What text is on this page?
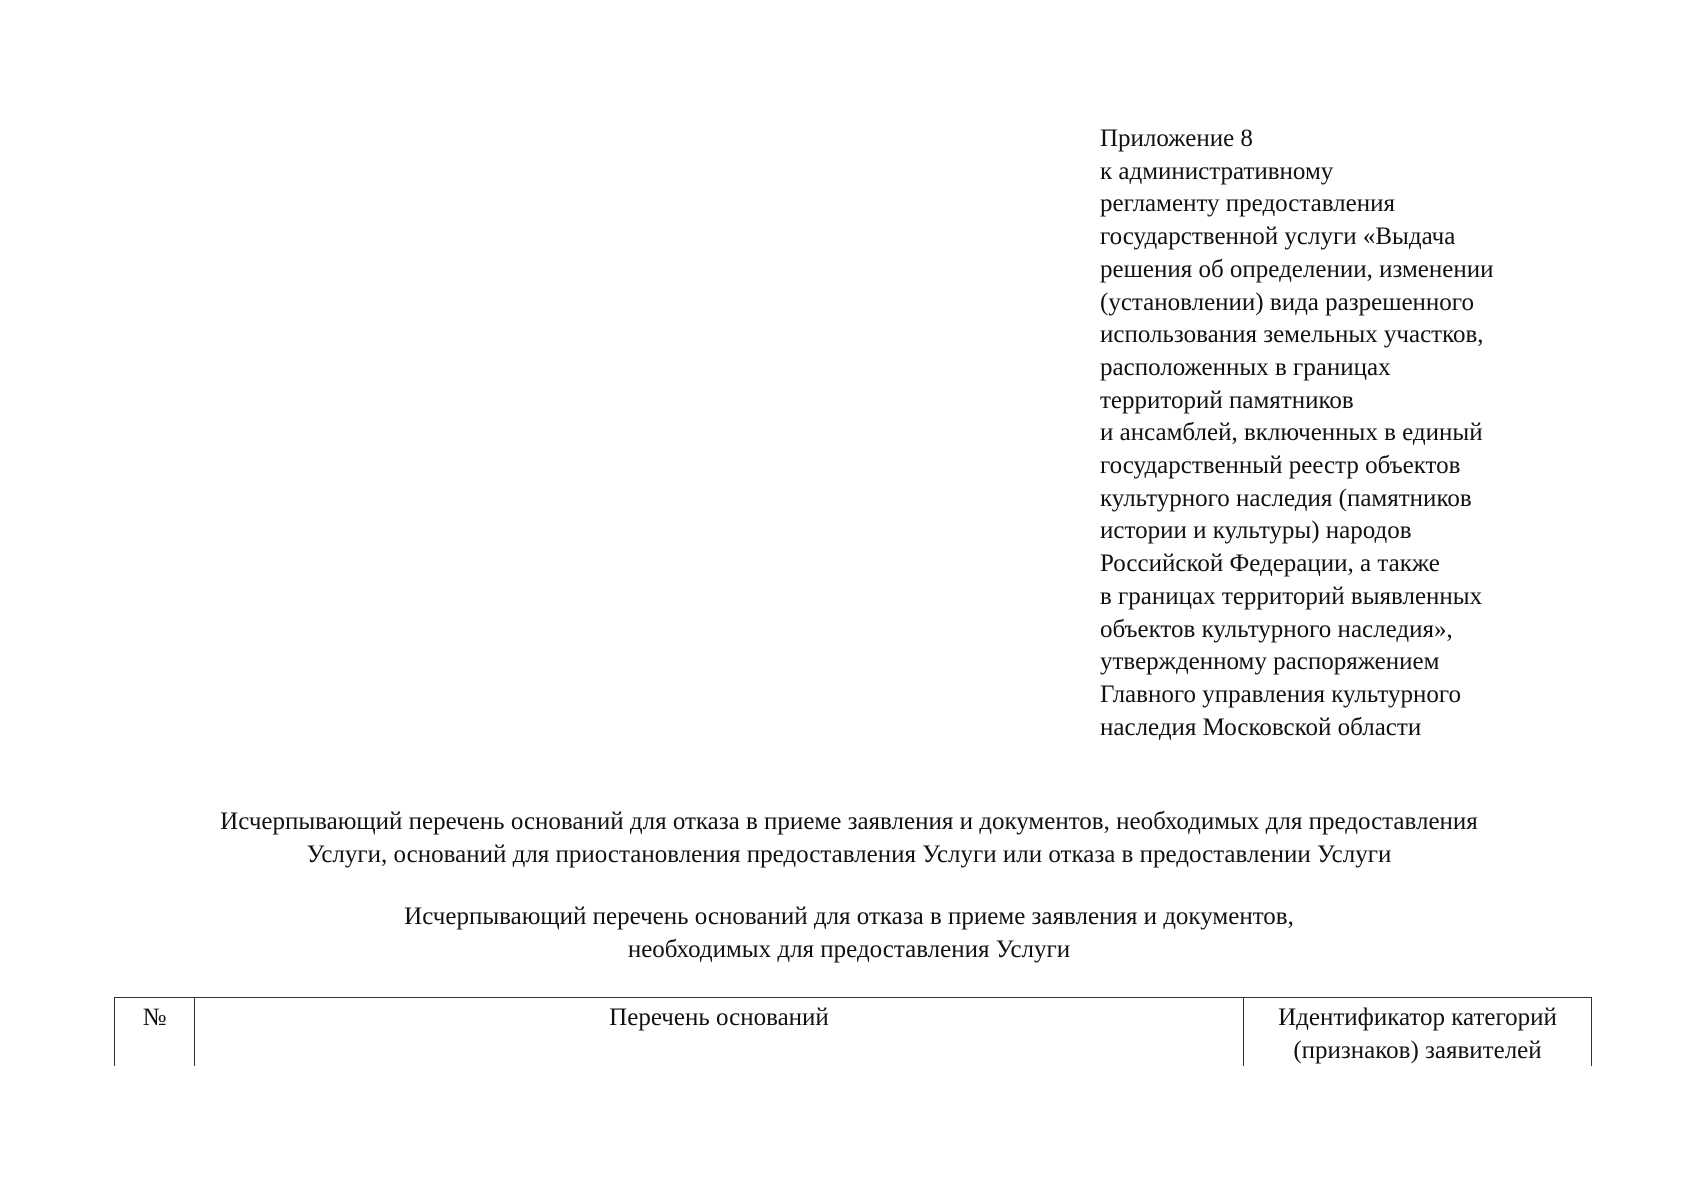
Приложение 8
к административному
регламенту предоставления
государственной услуги «Выдача
решения об определении, изменении
(установлении) вида разрешенного
использования земельных участков,
расположенных в границах
территорий памятников
и ансамблей, включенных в единый
государственный реестр объектов
культурного наследия (памятников
истории и культуры) народов
Российской Федерации, а также
в границах территорий выявленных
объектов культурного наследия»,
утвержденному распоряжением
Главного управления культурного
наследия Московской области
Исчерпывающий перечень оснований для отказа в приеме заявления и документов, необходимых для предоставления
Услуги, оснований для приостановления предоставления Услуги или отказа в предоставлении Услуги
Исчерпывающий перечень оснований для отказа в приеме заявления и документов,
необходимых для предоставления Услуги
№	Перечень оснований	Идентификатор категорий
(признаков) заявителей
